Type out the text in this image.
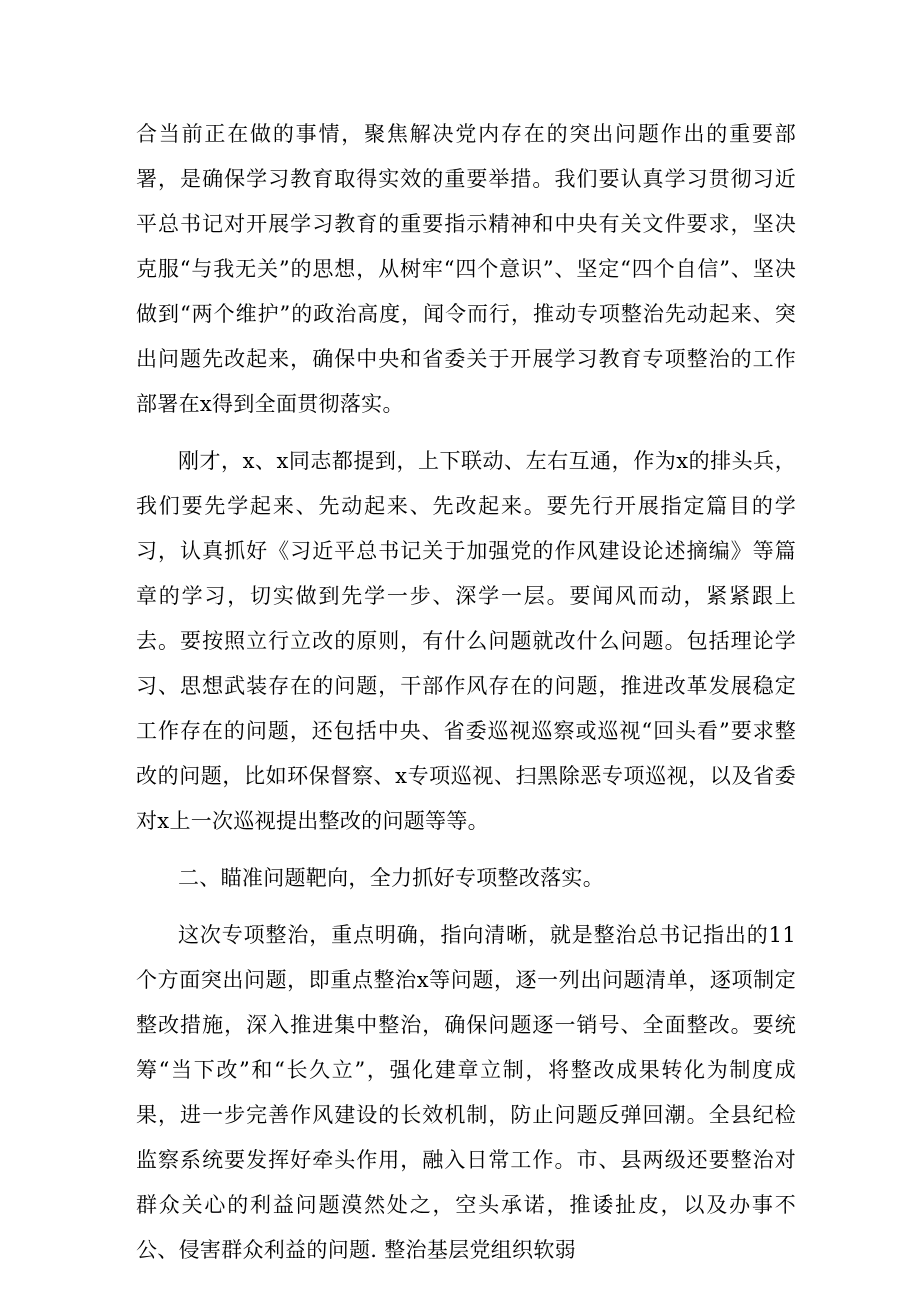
合当前正在做的事情，聚焦解决党内存在的突出问题作出的重要部署，是确保学习教育取得实效的重要举措。我们要认真学习贯彻习近平总书记对开展学习教育的重要指示精神和中央有关文件要求，坚决克服“与我无关”的思想，从树牢“四个意识”、坚定“四个自信”、坚决做到“两个维护”的政治高度，闻令而行，推动专项整治先动起来、突出问题先改起来，确保中央和省委关于开展学习教育专项整治的工作部署在x得到全面贯彻落实。

刚才，x、x同志都提到，上下联动、左右互通，作为x的排头兵，我们要先学起来、先动起来、先改起来。要先行开展指定篇目的学习，认真抓好《习近平总书记关于加强党的作风建设论述摘编》等篇章的学习，切实做到先学一步、深学一层。要闻风而动，紧紧跟上去。要按照立行立改的原则，有什么问题就改什么问题。包括理论学习、思想武装存在的问题，干部作风存在的问题，推进改革发展稳定工作存在的问题，还包括中央、省委巡视巡察或巡视“回头看”要求整改的问题，比如环保督察、x专项巡视、扫黑除恶专项巡视，以及省委对x上一次巡视提出整改的问题等等。

二、瞄准问题靶向，全力抓好专项整改落实。

这次专项整治，重点明确，指向清晰，就是整治总书记指出的11个方面突出问题，即重点整治x等问题，逐一列出问题清单，逐项制定整改措施，深入推进集中整治，确保问题逐一销号、全面整改。要统筹“当下改”和“长久立”，强化建章立制，将整改成果转化为制度成果，进一步完善作风建设的长效机制，防止问题反弹回潮。全县纪检监察系统要发挥好牵头作用，融入日常工作。市、县两级还要整治对群众关心的利益问题漠然处之，空头承诺，推诿扯皮，以及办事不公、侵害群众利益的问题. 整治基层党组织软弱
